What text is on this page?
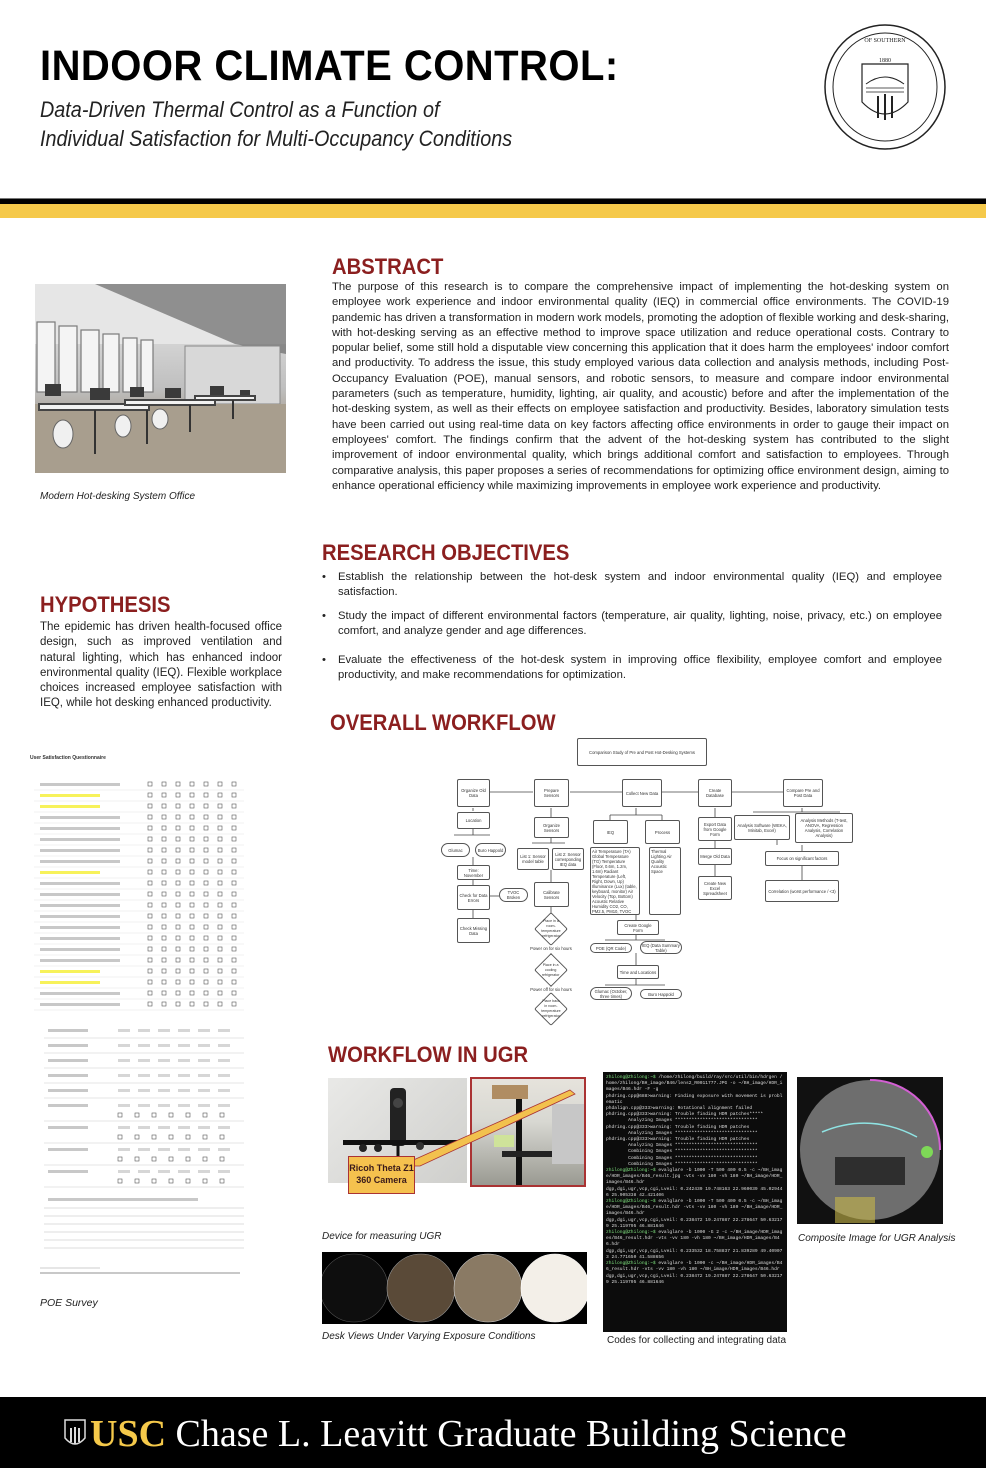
INDOOR CLIMATE CONTROL:
Data-Driven Thermal Control as a Function of
Individual Satisfaction for Multi-Occupancy Conditions
1880
OF SOUTHERN
Modern Hot-desking System Office
HYPOTHESIS
The epidemic has driven health-focused office design, such as improved ventilation and natural lighting, which has enhanced indoor environmental quality (IEQ). Flexible workplace choices increased employee satisfaction with IEQ, while hot desking enhanced productivity.
User Satisfaction Questionnaire
POE Survey
ABSTRACT
The purpose of this research is to compare the comprehensive impact of implementing the hot-desking system on employee work experience and indoor environmental quality (IEQ) in commercial office environments. The COVID-19 pandemic has driven a transformation in modern work models, promoting the adoption of flexible working and desk-sharing, with hot-desking serving as an effective method to improve space utilization and reduce operational costs. Contrary to popular belief, some still hold a disputable view concerning this application that it does harm the employees' indoor comfort and productivity. To address the issue, this study employed various data collection and analysis methods, including Post-Occupancy Evaluation (POE), manual sensors, and robotic sensors, to measure and compare indoor environmental parameters (such as temperature, humidity, lighting, air quality, and acoustic) before and after the implementation of the hot-desking system, as well as their effects on employee satisfaction and productivity. Besides, laboratory simulation tests have been carried out using real-time data on key factors affecting office environments in order to gauge their impact on employees' comfort. The findings confirm that the advent of the hot-desking system has contributed to the slight improvement of indoor environmental quality, which brings additional comfort and satisfaction to employees. Through comparative analysis, this paper proposes a series of recommendations for optimizing office environment design, aiming to enhance operational efficiency while maximizing improvements in employee work experience and productivity.
RESEARCH OBJECTIVES
• Establish the relationship between the hot-desk system and indoor environmental quality (IEQ) and employee satisfaction.
• Study the impact of different environmental factors (temperature, air quality, lighting, noise, privacy, etc.) on employee comfort, and analyze gender and age differences.
• Evaluate the effectiveness of the hot-desk system in improving office flexibility, employee comfort and employee productivity, and make recommendations for optimization.
OVERALL WORKFLOW
Comparison Study of Pre and Post Hot-Desking Systems
Organize Old Data
Location
Glumac	Buro Happold
Time: November
Check for Data Errors
TVOC Broken
Check Missing Data
Prepare Sensors
Organize Sensors
List 1: Sensor model table
List 2: Sensor corresponding IEQ data
Calibrate Sensors
Place in a room-temperature refrigerator
Power on for six hours
Place in a cooling refrigerator
Power off for six hours
Place back in room-temperature refrigerator
Collect New Data
IEQ	Process
Air Temperature (TA) Global Temperature (TG) Temperature (Floor, 0.6m, 1.2m, 1.6m) Radiant Temperature (Left, Right, Down, Up) Illuminance (Lux) (table, keyboard, monitor) Air Velocity (Top, Bottom) Acoustic Relative Humidity CO2, CO, PM2.5, PM10, TVOC
Thermal Lighting Air Quality Acoustic Space
Create Google Form
POE (QR Code)
IEQ (Data Summary Table)
Time and Locations
Glumac (October, three times)	Buro Happold
Create Database
Export Data from Google Form
Merge Old Data
Create New Excel Spreadsheet
Compare Pre and Post Data
Analysis Software (WEKA, Minitab, Excel)
Analysis Methods (T-test, ANOVA, Regression Analysis, Correlation Analysis)
Focus on significant factors
Correlation (worst performance / <3)
WORKFLOW IN UGR
Ricoh Theta Z1 360 Camera
Device for measuring UGR
Desk Views Under Varying Exposure Conditions
zhilong@Zhilong:~$ /home/zhilong/build/ray/src/util/bin/hdrgen /home/zhilong/BH_image/B46/lens2_R0011777.JPG -o ~/BH_image/HDR_images/B46.hdr -F -g
phdring.cpp@688>warning: Finding exposure with movement is problematic
phdalign.cpp@333>warning: Rotational alignment failed
phdring.cpp@333>warning: Trouble finding HDR patches*****
Analyzing Images ******************************
phdring.cpp@333>warning: Trouble finding HDR patches
Analyzing Images ******************************
phdring.cpp@333>warning: Trouble finding HDR patches
Analyzing Images ******************************
Combining Images ******************************
Combining Images ******************************
Combining Images ******************************
zhilong@Zhilong:~$ evalglare -b 1000 -T 500 400 0.5 -c ~/BH_image/HDR_images/B46_result.jpg -vts -vv 180 -vh 180 ~/BH_image/HDR_images/B46.hdr
dgp,dgi,ugr,vcp,cgi,Lveil: 0.242439 19.748163 22.960039 45.029446 25.905338 42.421406
zhilong@Zhilong:~$ evalglare -b 1000 -T 500 400 0.5 -c ~/BH_image/HDR_images/B46_result.hdr -vts -vv 180 -vh 180 ~/BH_image/HDR_images/B46.hdr
dgp,dgi,ugr,vcp,cgi,Lveil: 0.238472 19.247887 22.278647 50.632179 25.119795 46.881646
zhilong@Zhilong:~$ evalglare -b 1000 -G 2 -c ~/BH_image/HDR_images/B46_result.hdr -vts -vv 180 -vh 180 ~/BH_image/HDR_images/B46.hdr
dgp,dgi,ugr,vcp,cgi,Lveil: 0.233532 18.758837 21.839289 49.409073 24.771650 41.588656
zhilong@Zhilong:~$ evalglare -b 1000 -c ~/BH_image/HDR_images/B46_result.hdr -vts -vv 180 -vh 180 ~/BH_image/HDR_images/B46.hdr
dgp,dgi,ugr,vcp,cgi,Lveil: 0.238472 19.247887 22.278647 50.632179 25.119795 46.881646
Codes for collecting and integrating data
Composite Image for UGR Analysis
USC Chase L. Leavitt Graduate Building Science
